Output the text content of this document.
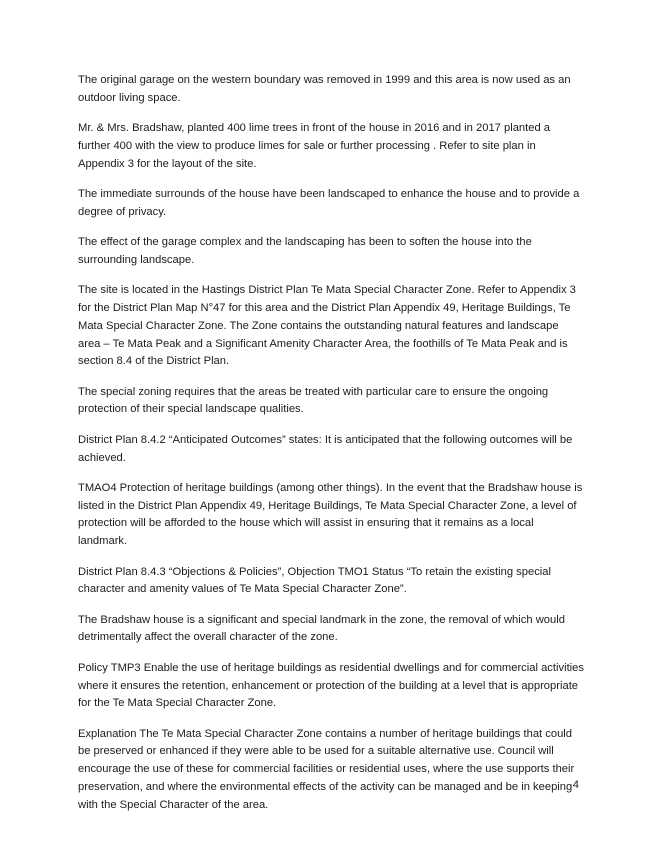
The original garage on the western boundary was removed in 1999 and this area is now used as an outdoor living space.

Mr. & Mrs. Bradshaw, planted 400 lime trees in front of the house in 2016 and in 2017 planted a further 400 with the view to produce limes for sale or further processing . Refer to site plan in Appendix 3 for the layout of the site.

The immediate surrounds of the house have been landscaped to enhance the house and to provide a degree of privacy.

The effect of the garage complex and the landscaping has been to soften the house into the surrounding landscape.

The site is located in the Hastings District Plan Te Mata Special Character Zone. Refer to Appendix 3 for the District Plan Map N°47 for this area and the District Plan Appendix 49, Heritage Buildings, Te Mata Special Character Zone. The Zone contains the outstanding natural features and landscape area – Te Mata Peak and a Significant Amenity Character Area, the foothills of Te Mata Peak and is section 8.4 of the District Plan.

The special zoning requires that the areas be treated with particular care to ensure the ongoing protection of their special landscape qualities.

District Plan 8.4.2 “Anticipated Outcomes” states: It is anticipated that the following outcomes will be achieved.

TMAO4 Protection of heritage buildings (among other things). In the event that the Bradshaw house is listed in the District Plan Appendix 49, Heritage Buildings, Te Mata Special Character Zone, a level of protection will be afforded to the house which will assist in ensuring that it remains as a local landmark.

District Plan 8.4.3 “Objections & Policies”, Objection TMO1 Status “To retain the existing special character and amenity values of Te Mata Special Character Zone”.

The Bradshaw house is a significant and special landmark in the zone, the removal of which would detrimentally affect the overall character of the zone.

Policy TMP3 Enable the use of heritage buildings as residential dwellings and for commercial activities where it ensures the retention, enhancement or protection of the building at a level that is appropriate for the Te Mata Special Character Zone.

Explanation The Te Mata Special Character Zone contains a number of heritage buildings that could be preserved or enhanced if they were able to be used for a suitable alternative use. Council will encourage the use of these for commercial facilities or residential uses, where the use supports their preservation, and where the environmental effects of the activity can be managed and be in keeping with the Special Character of the area.

4
